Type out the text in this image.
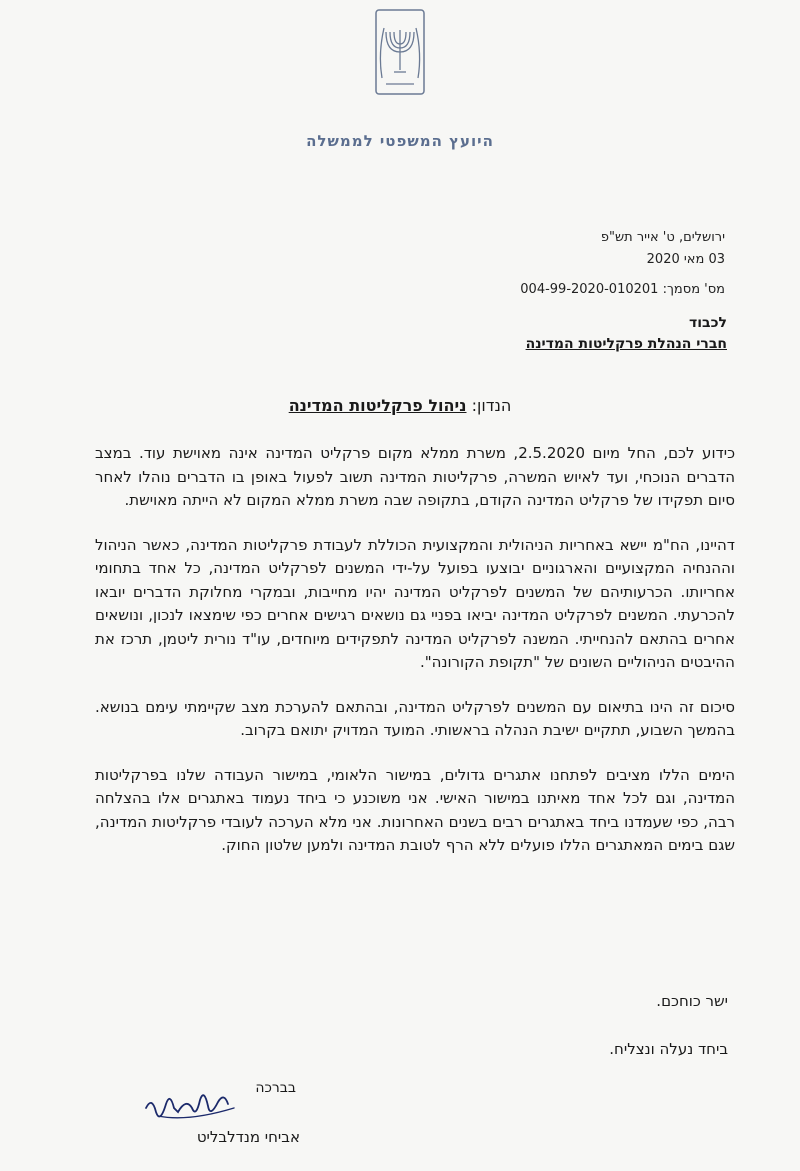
היועץ המשפטי לממשלה
ירושלים, ט' אייר תש"פ
03 מאי 2020
מס' מסמך: 004-99-2020-010201
לכבוד
חברי הנהלת פרקליטות המדינה
הנדון: ניהול פרקליטות המדינה

כידוע לכם, החל מיום 2.5.2020, משרת ממלא מקום פרקליט המדינה אינה מאוישת עוד. במצב הדברים הנוכחי, ועד לאיוש המשרה, פרקליטות המדינה תשוב לפעול באופן בו הדברים נוהלו לאחר סיום תפקידו של פרקליט המדינה הקודם, בתקופה שבה משרת ממלא המקום לא הייתה מאוישת.

דהיינו, הח"מ יישא באחריות הניהולית והמקצועית הכוללת לעבודת פרקליטות המדינה, כאשר הניהול וההנחיה המקצועיים והארגוניים יבוצעו בפועל על-ידי המשנים לפרקליט המדינה, כל אחד בתחומי אחריותו. הכרעותיהם של המשנים לפרקליט המדינה יהיו מחייבות, ובמקרי מחלוקת הדברים יובאו להכרעתי. המשנים לפרקליט המדינה יביאו בפניי גם נושאים רגישים אחרים כפי שימצאו לנכון, ונושאים אחרים בהתאם להנחייתי. המשנה לפרקליט המדינה לתפקידים מיוחדים, עו"ד נורית ליטמן, תרכז את ההיבטים הניהוליים השונים של "תקופת הקורונה".

סיכום זה הינו בתיאום עם המשנים לפרקליט המדינה, ובהתאם להערכת מצב שקיימתי עימם בנושא. בהמשך השבוע, תתקיים ישיבת הנהלה בראשותי. המועד המדויק יתואם בקרוב.

הימים הללו מציבים לפתחנו אתגרים גדולים, במישור הלאומי, במישור העבודה שלנו בפרקליטות המדינה, וגם לכל אחד מאיתנו במישור האישי. אני משוכנע כי ביחד נעמוד באתגרים אלו בהצלחה רבה, כפי שעמדנו ביחד באתגרים רבים בשנים האחרונות. אני מלא הערכה לעובדי פרקליטות המדינה, שגם בימים המאתגרים הללו פועלים ללא הרף לטובת המדינה ולמען שלטון החוק.

ישר כוחכם.
ביחד נעלה ונצליח.
בברכה
אביחי מנדלבליט
